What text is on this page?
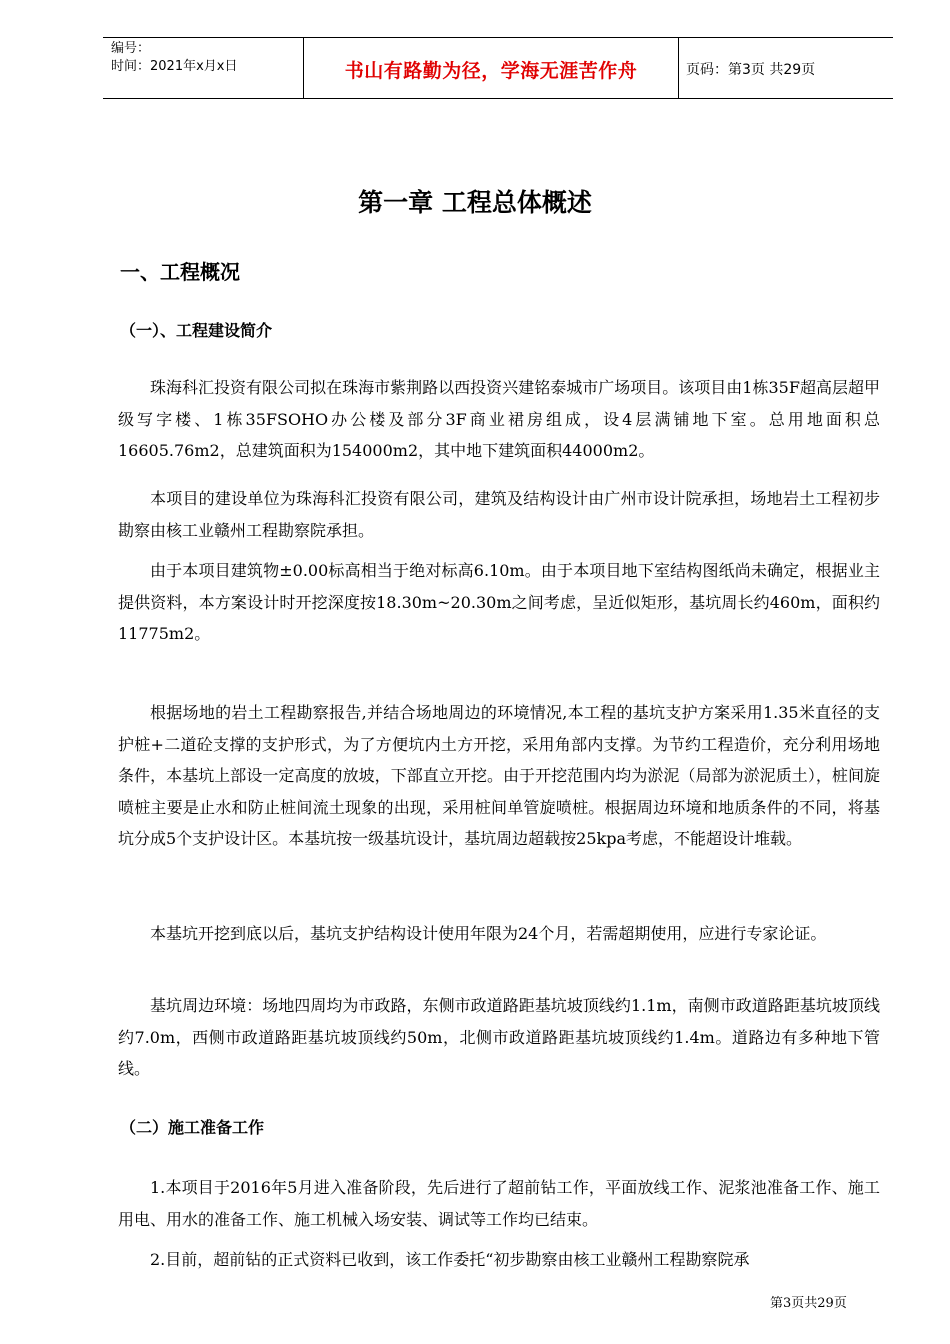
编号：
时间：2021年x月x日	书山有路勤为径，学海无涯苦作舟	页码：第3页 共29页
第一章 工程总体概述
一、工程概况
（一）、工程建设简介

珠海科汇投资有限公司拟在珠海市紫荆路以西投资兴建铭泰城市广场项目。该项目由1栋35F超高层超甲级写字楼、1栋35FSOHO办公楼及部分3F商业裙房组成，设4层满铺地下室。总用地面积总16605.76m2，总建筑面积为154000m2，其中地下建筑面积44000m2。

本项目的建设单位为珠海科汇投资有限公司，建筑及结构设计由广州市设计院承担，场地岩土工程初步勘察由核工业赣州工程勘察院承担。

由于本项目建筑物±0.00标高相当于绝对标高6.10m。由于本项目地下室结构图纸尚未确定，根据业主提供资料，本方案设计时开挖深度按18.30m~20.30m之间考虑，呈近似矩形，基坑周长约460m，面积约11775m2。

根据场地的岩土工程勘察报告,并结合场地周边的环境情况,本工程的基坑支护方案采用1.35米直径的支护桩+二道砼支撑的支护形式，为了方便坑内土方开挖，采用角部内支撑。为节约工程造价，充分利用场地条件，本基坑上部设一定高度的放坡，下部直立开挖。由于开挖范围内均为淤泥（局部为淤泥质土），桩间旋喷桩主要是止水和防止桩间流土现象的出现，采用桩间单管旋喷桩。根据周边环境和地质条件的不同，将基坑分成5个支护设计区。本基坑按一级基坑设计，基坑周边超载按25kpa考虑，不能超设计堆载。

本基坑开挖到底以后，基坑支护结构设计使用年限为24个月，若需超期使用，应进行专家论证。

基坑周边环境：场地四周均为市政路，东侧市政道路距基坑坡顶线约1.1m，南侧市政道路距基坑坡顶线约7.0m，西侧市政道路距基坑坡顶线约50m，北侧市政道路距基坑坡顶线约1.4m。道路边有多种地下管线。

（二）施工准备工作

1.本项目于2016年5月进入准备阶段，先后进行了超前钻工作，平面放线工作、泥浆池准备工作、施工用电、用水的准备工作、施工机械入场安装、调试等工作均已结束。

2.目前，超前钻的正式资料已收到，该工作委托“初步勘察由核工业赣州工程勘察院承

第3页共29页
